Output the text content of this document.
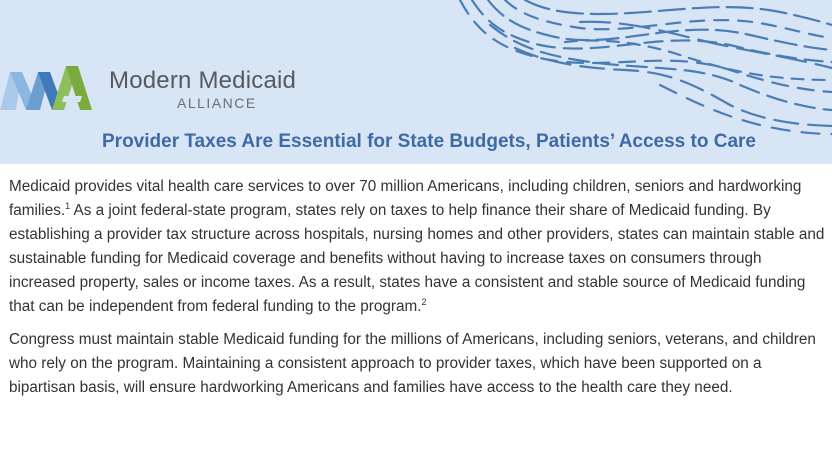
Modern Medicaid
ALLIANCE
Provider Taxes Are Essential for State Budgets, Patients’ Access to Care

Medicaid provides vital health care services to over 70 million Americans, including children, seniors and hardworking families.$^1$ As a joint federal-state program, states rely on taxes to help finance their share of Medicaid funding. By establishing a provider tax structure across hospitals, nursing homes and other providers, states can maintain stable and sustainable funding for Medicaid coverage and benefits without having to increase taxes on consumers through increased property, sales or income taxes. As a result, states have a consistent and stable source of Medicaid funding that can be independent from federal funding to the program.$^2$

Congress must maintain stable Medicaid funding for the millions of Americans, including seniors, veterans, and children who rely on the program. Maintaining a consistent approach to provider taxes, which have been supported on a bipartisan basis, will ensure hardworking Americans and families have access to the health care they need.
